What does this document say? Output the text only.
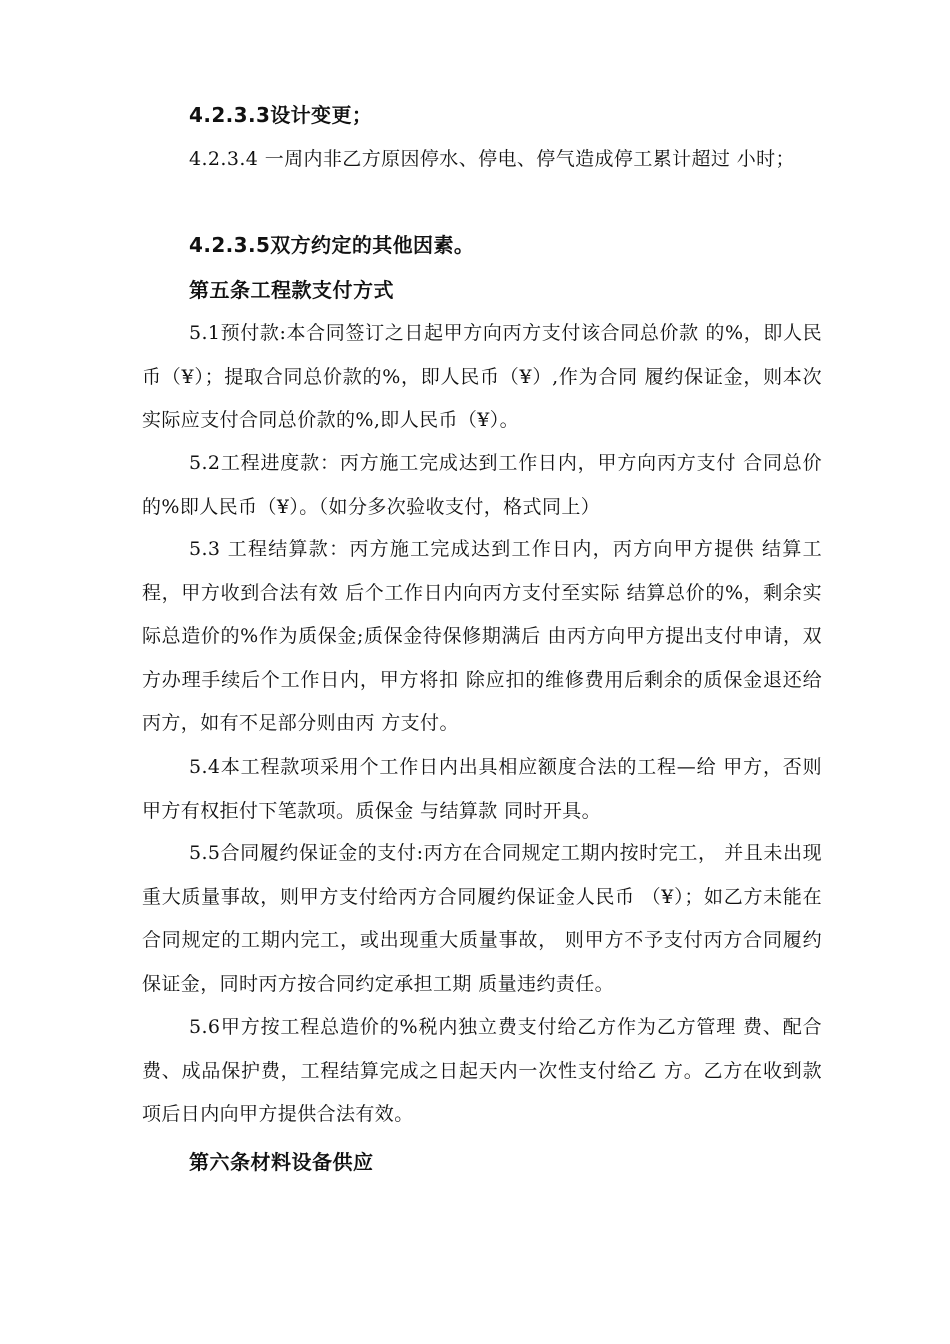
4.2.3.3设计变更；

4.2.3.4 一周内非乙方原因停水、停电、停气造成停工累计超过 小时；

4.2.3.5双方约定的其他因素。

第五条工程款支付方式

5.1预付款:本合同签订之日起甲方向丙方支付该合同总价款 的%，即人民币（¥）；提取合同总价款的%，即人民币（¥）,作为合同 履约保证金，则本次实际应支付合同总价款的%,即人民币（¥）。

5.2工程进度款：丙方施工完成达到工作日内，甲方向丙方支付 合同总价的%即人民币（¥）。（如分多次验收支付，格式同上）

5.3 工程结算款：丙方施工完成达到工作日内，丙方向甲方提供 结算工程，甲方收到合法有效 后个工作日内向丙方支付至实际 结算总价的%，剩余实际总造价的%作为质保金;质保金待保修期满后 由丙方向甲方提出支付申请，双方办理手续后个工作日内，甲方将扣 除应扣的维修费用后剩余的质保金退还给丙方，如有不足部分则由丙 方支付。

5.4本工程款项采用个工作日内出具相应额度合法的工程—给 甲方，否则甲方有权拒付下笔款项。质保金 与结算款 同时开具。

5.5合同履约保证金的支付:丙方在合同规定工期内按时完工， 并且未出现重大质量事故，则甲方支付给丙方合同履约保证金人民币 （¥）；如乙方未能在合同规定的工期内完工，或出现重大质量事故， 则甲方不予支付丙方合同履约保证金，同时丙方按合同约定承担工期 质量违约责任。

5.6甲方按工程总造价的%税内独立费支付给乙方作为乙方管理 费、配合费、成品保护费，工程结算完成之日起天内一次性支付给乙 方。乙方在收到款项后日内向甲方提供合法有效。

第六条材料设备供应
